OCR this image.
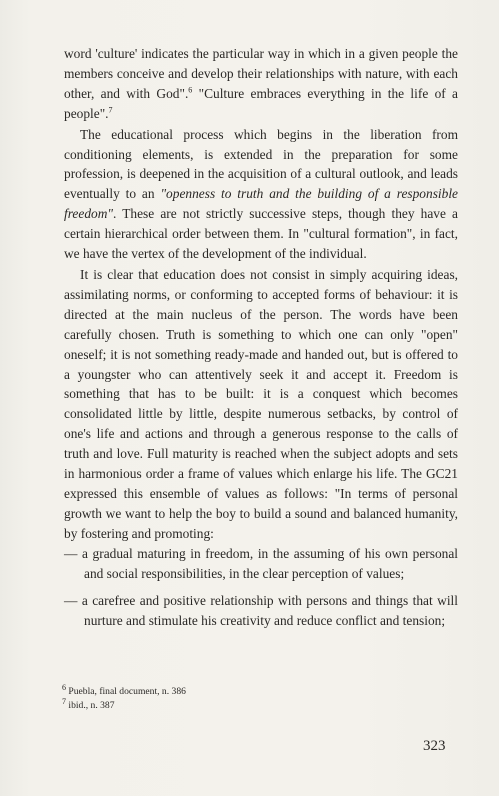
word 'culture' indicates the particular way in which in a given people the members conceive and develop their relationships with nature, with each other, and with God".$^6$ "Culture embraces everything in the life of a people".$^7$

The educational process which begins in the liberation from conditioning elements, is extended in the preparation for some profession, is deepened in the acquisition of a cultural outlook, and leads eventually to an "openness to truth and the building of a responsible freedom". These are not strictly successive steps, though they have a certain hierarchical order between them. In "cultural formation", in fact, we have the vertex of the development of the individual.

It is clear that education does not consist in simply acquiring ideas, assimilating norms, or conforming to accepted forms of behaviour: it is directed at the main nucleus of the person. The words have been carefully chosen. Truth is something to which one can only "open" oneself; it is not something ready-made and handed out, but is offered to a youngster who can attentively seek it and accept it. Freedom is something that has to be built: it is a conquest which becomes consolidated little by little, despite numerous setbacks, by control of one's life and actions and through a generous response to the calls of truth and love. Full maturity is reached when the subject adopts and sets in harmonious order a frame of values which enlarge his life. The GC21 expressed this ensemble of values as follows: "In terms of personal growth we want to help the boy to build a sound and balanced humanity, by fostering and promoting:

— a gradual maturing in freedom, in the assuming of his own personal and social responsibilities, in the clear perception of values;

— a carefree and positive relationship with persons and things that will nurture and stimulate his creativity and reduce conflict and tension;

$^6$ Puebla, final document, n. 386
$^7$ ibid., n. 387
323
